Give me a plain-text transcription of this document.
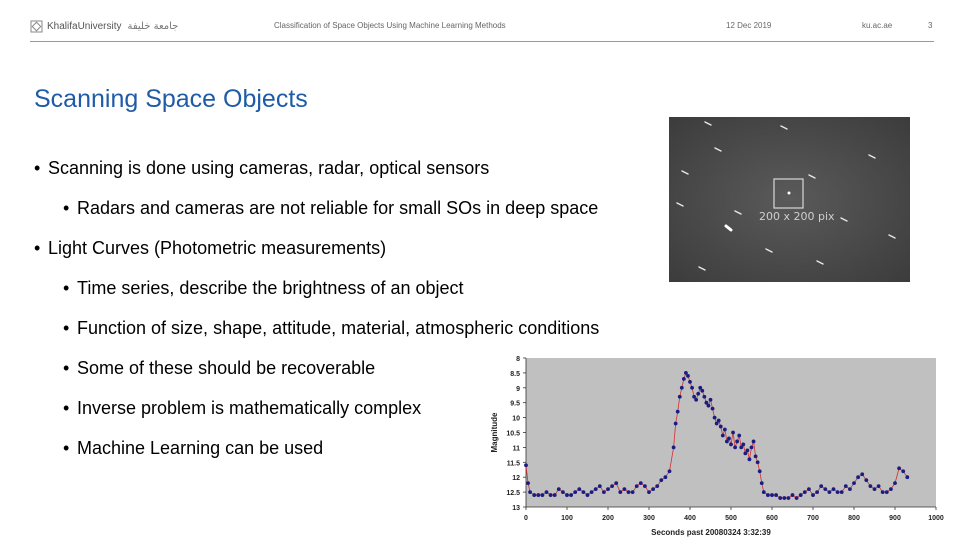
KhalifaUniversity جامعة خليفة	Classification of Space Objects Using Machine Learning Methods	12 Dec 2019	ku.ac.ae	3
Scanning Space Objects
200 x 200 pix
8
8.5
9
9.5
10
10.5
11
11.5
12
12.5
13
0	100	200	300	400	500	600	700	800	900	1000
Seconds past 20080324 3:32:39
Magnitude
• Scanning is done using cameras, radar, optical sensors
• Radars and cameras are not reliable for small SOs in deep space
• Light Curves (Photometric measurements)
• Time series, describe the brightness of an object
• Function of size, shape, attitude, material, atmospheric conditions
• Some of these should be recoverable
• Inverse problem is mathematically complex
• Machine Learning can be used
